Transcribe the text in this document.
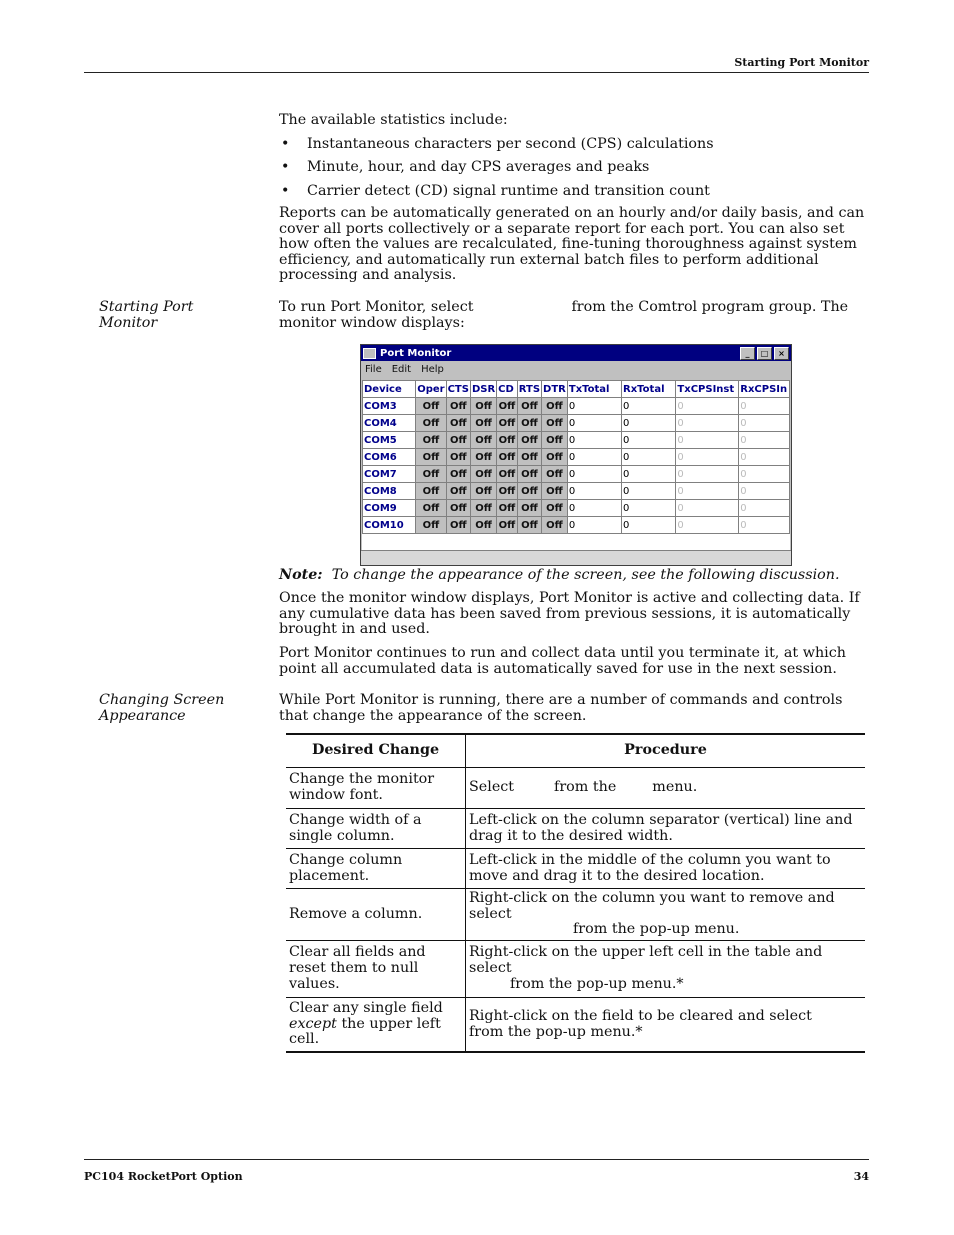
Starting Port Monitor
The available statistics include:
• Instantaneous characters per second (CPS) calculations
• Minute, hour, and day CPS averages and peaks
• Carrier detect (CD) signal runtime and transition count
Reports can be automatically generated on an hourly and/or daily basis, and can cover all ports collectively or a separate report for each port. You can also set how often the values are recalculated, fine-tuning thoroughness against system efficiency, and automatically run external batch files to perform additional processing and analysis.
Starting Port
Monitor
To run Port Monitor, select	from the Comtrol program group. The
monitor window displays:
Port Monitor	_	□	×
File Edit Help
Device	Oper	CTS	DSR	CD	RTS	DTR	TxTotal	RxTotal	TxCPSInst	RxCPSIn
COM3	Off	Off	Off	Off	Off	Off	0	0	0	0
COM4	Off	Off	Off	Off	Off	Off	0	0	0	0
COM5	Off	Off	Off	Off	Off	Off	0	0	0	0
COM6	Off	Off	Off	Off	Off	Off	0	0	0	0
COM7	Off	Off	Off	Off	Off	Off	0	0	0	0
COM8	Off	Off	Off	Off	Off	Off	0	0	0	0
COM9	Off	Off	Off	Off	Off	Off	0	0	0	0
COM10	Off	Off	Off	Off	Off	Off	0	0	0	0
Note: To change the appearance of the screen, see the following discussion.
Once the monitor window displays, Port Monitor is active and collecting data. If any cumulative data has been saved from previous sessions, it is automatically brought in and used.
Port Monitor continues to run and collect data until you terminate it, at which point all accumulated data is automatically saved for use in the next session.
Changing Screen
Appearance
While Port Monitor is running, there are a number of commands and controls that change the appearance of the screen.
Desired Change	Procedure
Change the monitor window font.	Select from the menu.
Change width of a single column.	Left-click on the column separator (vertical) line and drag it to the desired width.
Change column placement.	Left-click in the middle of the column you want to move and drag it to the desired location.
Remove a column.	Right-click on the column you want to remove and select
from the pop-up menu.
Clear all fields and reset them to null values.	Right-click on the upper left cell in the table and select
from the pop-up menu.*
Clear any single field
except the upper left cell.	Right-click on the field to be cleared and select
from the pop-up menu.*
PC104 RocketPort Option	34
